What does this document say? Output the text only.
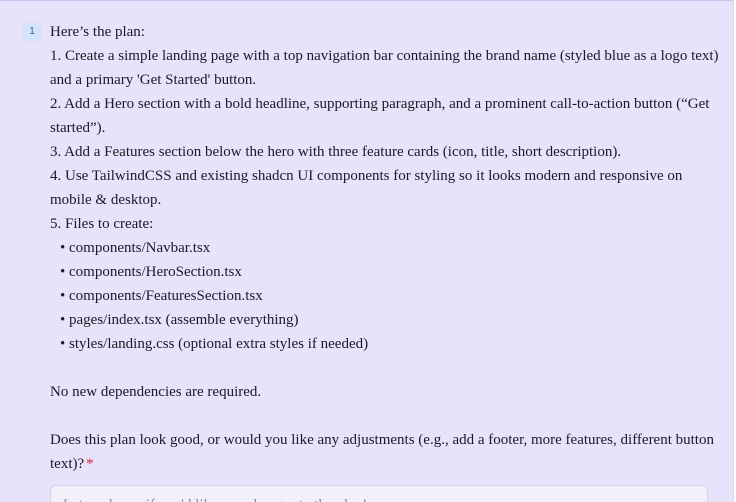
1	Here’s the plan:
1. Create a simple landing page with a top navigation bar containing the brand name (styled blue as a logo text) and a primary 'Get Started' button.
2. Add a Hero section with a bold headline, supporting paragraph, and a prominent call-to-action button (“Get started”).
3. Add a Features section below the hero with three feature cards (icon, title, short description).
4. Use TailwindCSS and existing shadcn UI components for styling so it looks modern and responsive on mobile & desktop.
5. Files to create:
• components/Navbar.tsx
• components/HeroSection.tsx
• components/FeaturesSection.tsx
• pages/index.tsx (assemble everything)
• styles/landing.css (optional extra styles if needed)
No new dependencies are required.
Does this plan look good, or would you like any adjustments (e.g., add a footer, more features, different button text)? *
Let me know if you'd like any changes to the plan!
